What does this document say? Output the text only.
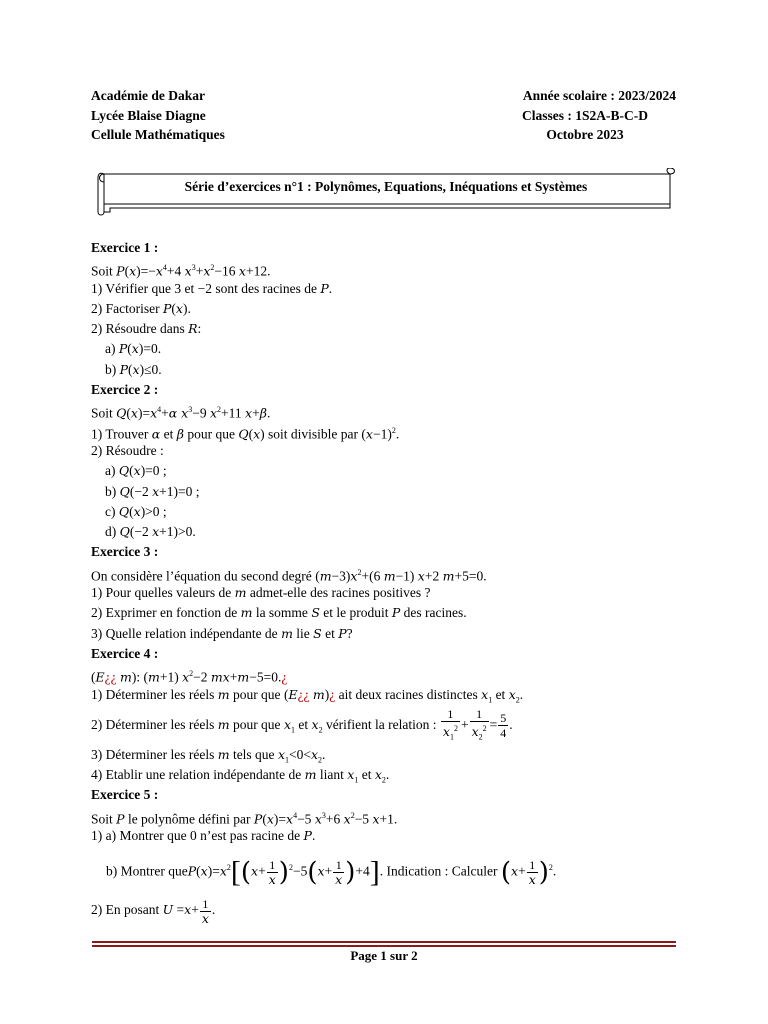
Académie de Dakar
Lycée Blaise Diagne
Cellule Mathématiques
Année scolaire : 2023/2024
Classes : 1S2A-B-C-D
Octobre 2023
Série d’exercices n°1 : Polynômes, Equations, Inéquations et Systèmes
Exercice 1 :
Soit $P(x)=-x^4+4$ $x^3+x^2-16$ x+12.
1) Vérifier que 3 et −2 sont des racines de P.
2) Factoriser P(x).
2) Résoudre dans R:
a) P(x)=0.
b) P(x)≤0.
Exercice 2 :
Soit $Q(x)=x^4+\alpha$ $x^3-9$ $x^2+11$ x+β.
1) Trouver α et β pour que Q(x) soit divisible par $(x-1)^2$.
2) Résoudre :
a) Q(x)=0 ;
b) Q(−2 x+1)=0 ;
c) Q(x)>0 ;
d) Q(−2 x+1)>0.
Exercice 3 :
On considère l’équation du second degré $(m-3)x^2+(6$ m−1) x+2 m+5=0.
1) Pour quelles valeurs de m admet-elle des racines positives ?
2) Exprimer en fonction de m la somme S et le produit P des racines.
3) Quelle relation indépendante de m lie S et P?
Exercice 4 :
(E¿¿ m): (m+1) $x^2-2$ mx+m−5=0.¿
1) Déterminer les réels m pour que (E¿¿ m)¿ ait deux racines distinctes $x_1$ et $x_2$.
2) Déterminer les réels m pour que $x_1$ et $x_2$ vérifient la relation : $\frac{1}{x_1^2} + \frac{1}{x_2^2} = \frac{5}{4}$ .
3) Déterminer les réels m tels que $x_1<0<x_2$.
4) Etablir une relation indépendante de m liant $x_1$ et $x_2$.
Exercice 5 :
Soit P le polynôme défini par $P(x)=x^4-5$ $x^3+6$ $x^2-5$ x+1.
1) a) Montrer que 0 n’est pas racine de P.
b) Montrer $queP(x)=x^2[(x+ \frac{1}{x} )^2-5(x+ \frac{1}{x} )+4]$. Indication : Calculer $(x+ \frac{1}{x} )^2$.
2) En posant $U =x+ \frac{1}{x}$ .
Page 1 sur 2
